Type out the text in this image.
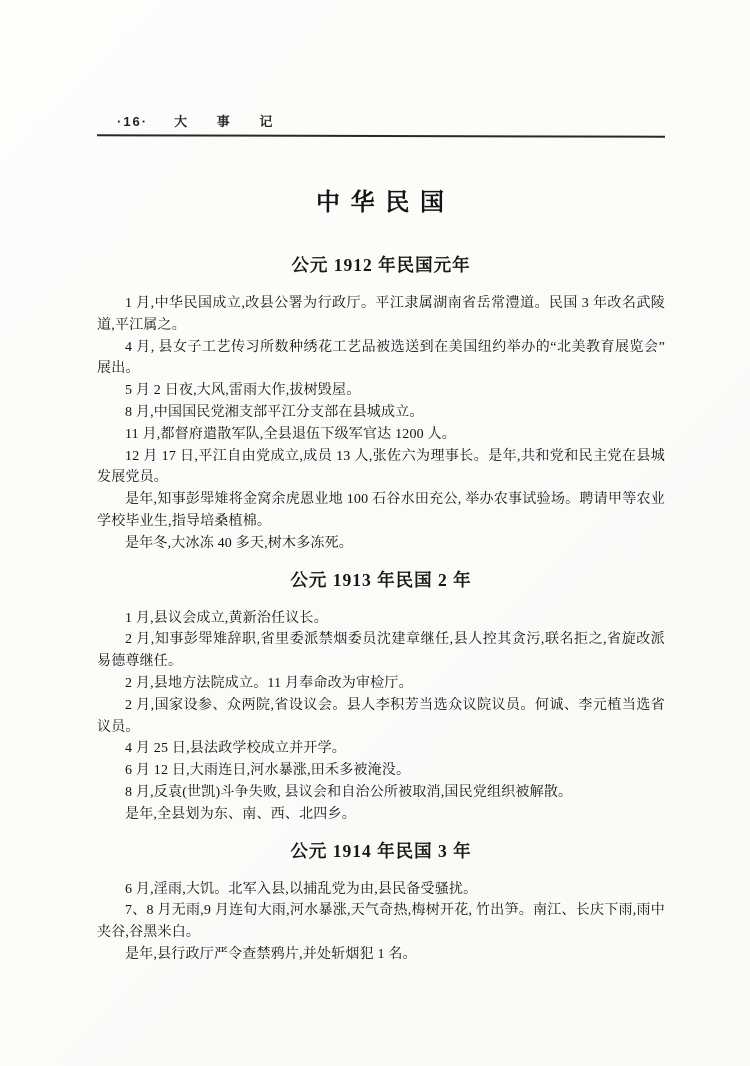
·16· 大 事 记
中 华 民 国
公元 1912 年民国元年

1 月,中华民国成立,改县公署为行政厅。平江隶属湖南省岳常澧道。民国 3 年改名武陵道,平江属之。

4 月, 县女子工艺传习所数种绣花工艺品被选送到在美国纽约举办的“北美教育展览会”展出。

5 月 2 日夜,大风,雷雨大作,拔树毁屋。

8 月,中国国民党湘支部平江分支部在县城成立。

11 月,都督府遣散军队,全县退伍下级军官达 1200 人。

12 月 17 日,平江自由党成立,成员 13 人,张佐六为理事长。是年,共和党和民主党在县城发展党员。

是年,知事彭斝雉将金窝余虎恩业地 100 石谷水田充公, 举办农事试验场。聘请甲等农业学校毕业生,指导培桑植棉。

是年冬,大冰冻 40 多天,树木多冻死。

公元 1913 年民国 2 年

1 月,县议会成立,黄新治任议长。

2 月,知事彭斝雉辞职,省里委派禁烟委员沈建章继任,县人控其贪污,联名拒之,省旋改派易德尊继任。

2 月,县地方法院成立。11 月奉命改为审检厅。

2 月,国家设参、众两院,省设议会。县人李积芳当选众议院议员。何诚、李元植当选省议员。

4 月 25 日,县法政学校成立并开学。

6 月 12 日,大雨连日,河水暴涨,田禾多被淹没。

8 月,反袁(世凯)斗争失败, 县议会和自治公所被取消,国民党组织被解散。

是年,全县划为东、南、西、北四乡。

公元 1914 年民国 3 年

6 月,淫雨,大饥。北军入县,以捕乱党为由,县民备受骚扰。

7、8 月无雨,9 月连旬大雨,河水暴涨,天气奇热,梅树开花, 竹出笋。南江、长庆下雨,雨中夹谷,谷黑米白。

是年,县行政厅严令查禁鸦片,并处斩烟犯 1 名。
